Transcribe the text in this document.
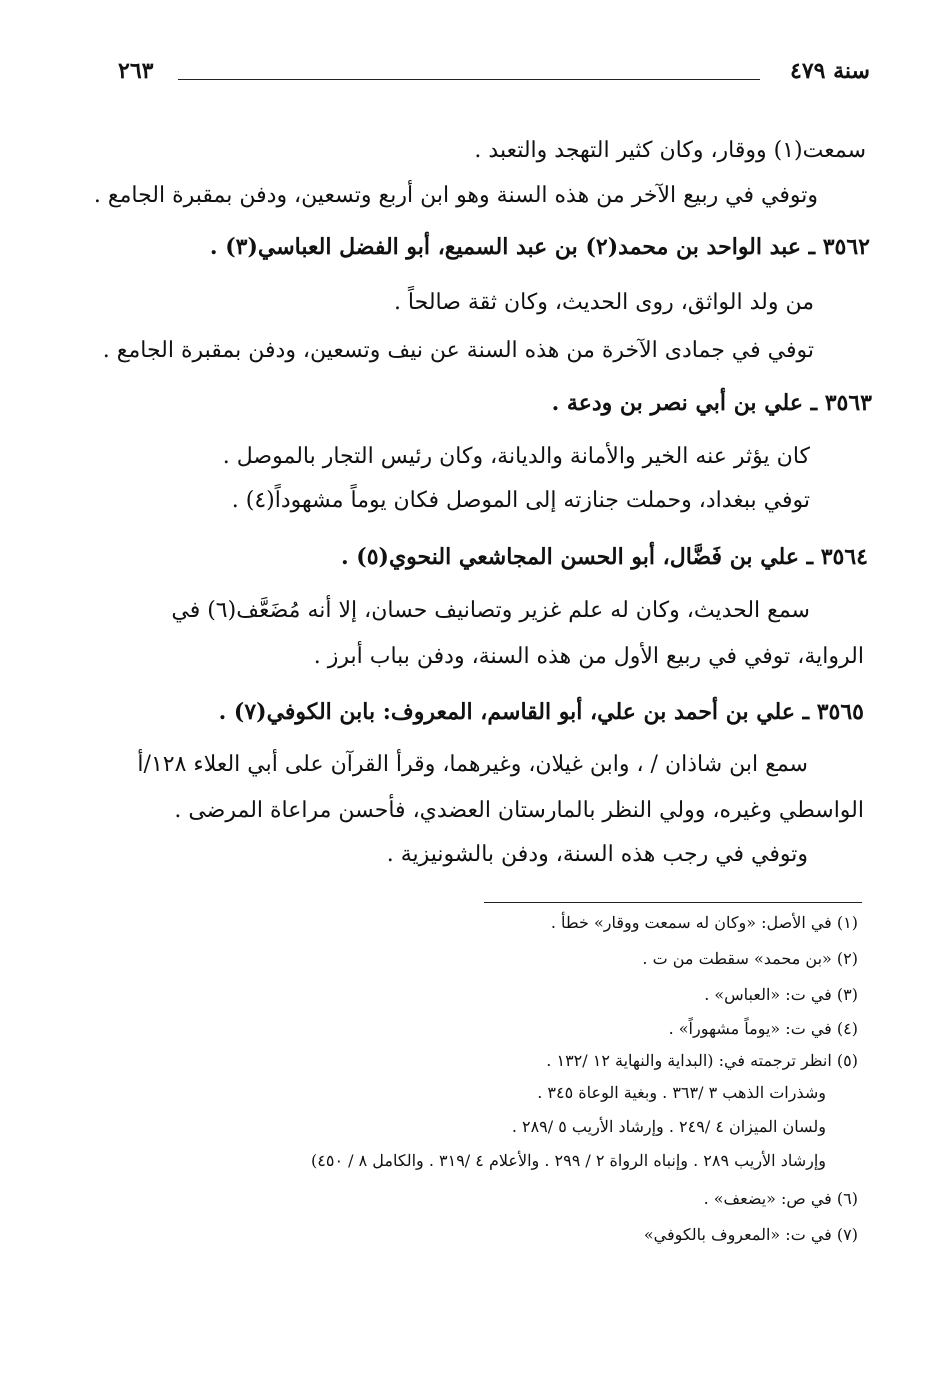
سنة ٤٧٩
٢٦٣
سمعت(١) ووقار، وكان كثير التهجد والتعبد .
وتوفي في ربيع الآخر من هذه السنة وهو ابن أربع وتسعين، ودفن بمقبرة الجامع .
٣٥٦٢ ـ عبد الواحد بن محمد(٢) بن عبد السميع، أبو الفضل العباسي(٣) .
من ولد الواثق، روى الحديث، وكان ثقة صالحاً .
توفي في جمادى الآخرة من هذه السنة عن نيف وتسعين، ودفن بمقبرة الجامع .
٣٥٦٣ ـ علي بن أبي نصر بن ودعة .
كان يؤثر عنه الخير والأمانة والديانة، وكان رئيس التجار بالموصل .
توفي ببغداد، وحملت جنازته إلى الموصل فكان يوماً مشهوداً(٤) .
٣٥٦٤ ـ علي بن فَضَّال، أبو الحسن المجاشعي النحوي(٥) .
سمع الحديث، وكان له علم غزير وتصانيف حسان، إلا أنه مُضَعَّف(٦) في
الرواية، توفي في ربيع الأول من هذه السنة، ودفن بباب أبرز .
٣٥٦٥ ـ علي بن أحمد بن علي، أبو القاسم، المعروف: بابن الكوفي(٧) .
سمع ابن شاذان / ، وابن غيلان، وغيرهما، وقرأ القرآن على أبي العلاء ١٢٨/أ
الواسطي وغيره، وولي النظر بالمارستان العضدي، فأحسن مراعاة المرضى .
وتوفي في رجب هذه السنة، ودفن بالشونيزية .
(١) في الأصل: «وكان له سمعت ووقار» خطأ .
(٢) «بن محمد» سقطت من ت .
(٣) في ت: «العباس» .
(٤) في ت: «يوماً مشهوراً» .
(٥) انظر ترجمته في: (البداية والنهاية ١٢ /١٣٢ .
وشذرات الذهب ٣ /٣٦٣ . وبغية الوعاة ٣٤٥ .
ولسان الميزان ٤ /٢٤٩ . وإرشاد الأريب ٥ /٢٨٩ .
وإرشاد الأريب ٢٨٩ . وإنباه الرواة ٢ / ٢٩٩ . والأعلام ٤ /٣١٩ . والكامل ٨ / ٤٥٠)
(٦) في ص: «يضعف» .
(٧) في ت: «المعروف بالكوفي»
